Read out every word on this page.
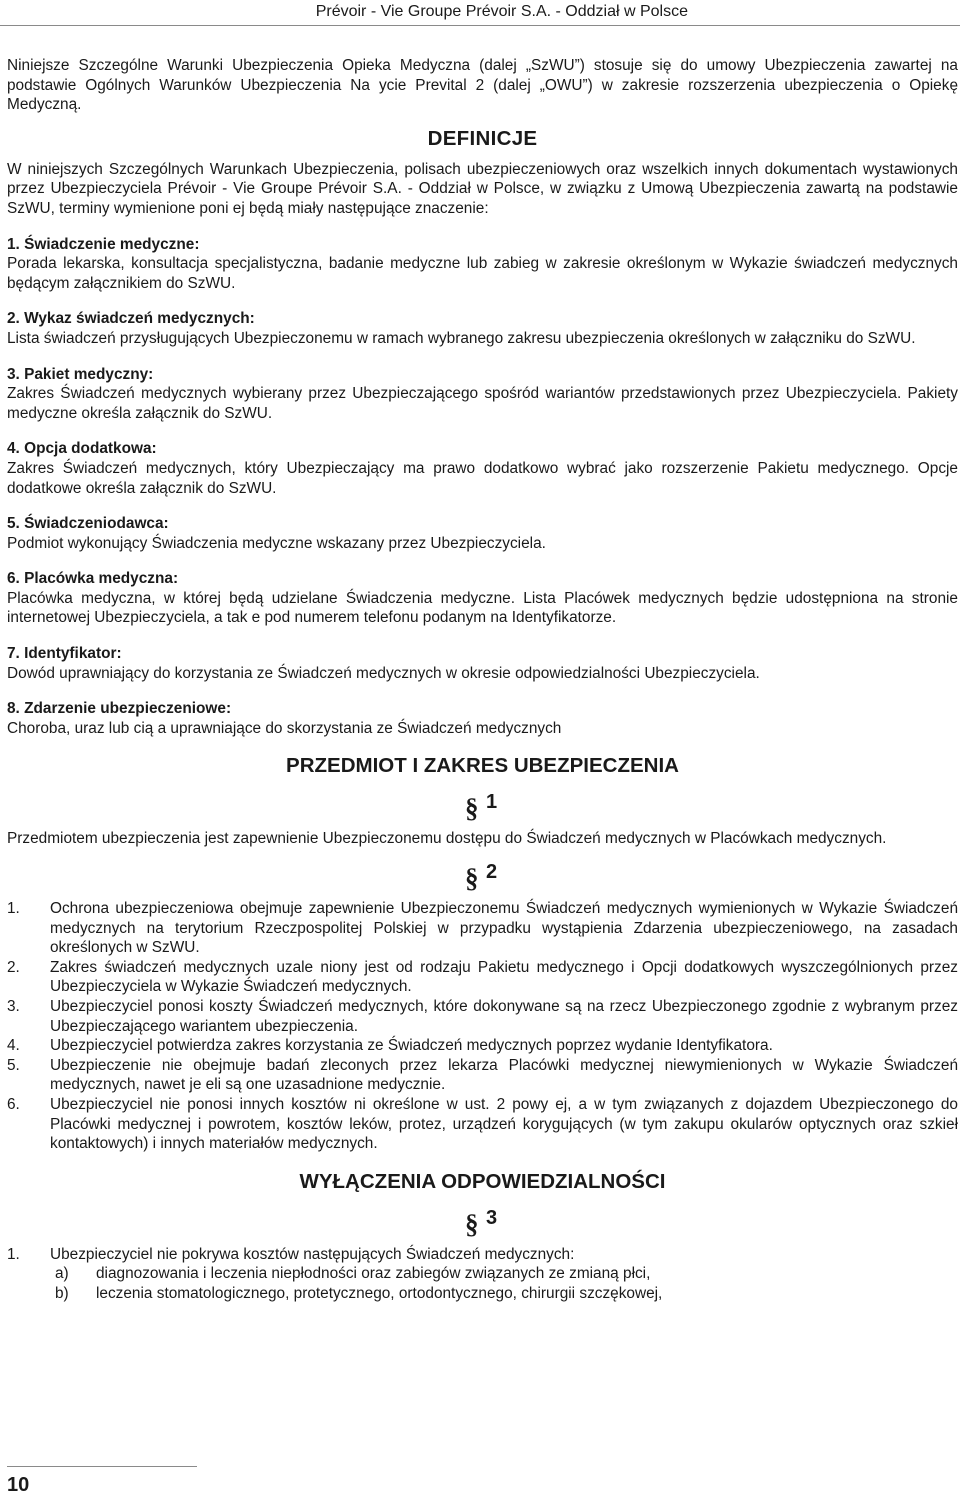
Prévoir - Vie Groupe Prévoir S.A. - Oddział w Polsce

Niniejsze Szczególne Warunki Ubezpieczenia Opieka Medyczna (dalej „SzWU”) stosuje się do umowy Ubezpieczenia zawartej na podstawie Ogólnych Warunków Ubezpieczenia Na ycie Prevital 2 (dalej „OWU”) w zakresie rozszerzenia ubezpieczenia o Opiekę Medyczną.

DEFINICJE

W niniejszych Szczególnych Warunkach Ubezpieczenia, polisach ubezpieczeniowych oraz wszelkich innych dokumentach wystawionych przez Ubezpieczyciela Prévoir - Vie Groupe Prévoir S.A. - Oddział w Polsce, w związku z Umową Ubezpieczenia zawartą na podstawie SzWU, terminy wymienione poni ej będą miały następujące znaczenie:

1. Świadczenie medyczne:

Porada lekarska, konsultacja specjalistyczna, badanie medyczne lub zabieg w zakresie określonym w Wykazie świadczeń medycznych będącym załącznikiem do SzWU.

2. Wykaz świadczeń medycznych:

Lista świadczeń przysługujących Ubezpieczonemu w ramach wybranego zakresu ubezpieczenia określonych w załączniku do SzWU.

3. Pakiet medyczny:

Zakres Świadczeń medycznych wybierany przez Ubezpieczającego spośród wariantów przedstawionych przez Ubezpieczyciela. Pakiety medyczne określa załącznik do SzWU.

4. Opcja dodatkowa:

Zakres Świadczeń medycznych, który Ubezpieczający ma prawo dodatkowo wybrać jako rozszerzenie Pakietu medycznego. Opcje dodatkowe określa załącznik do SzWU.

5. Świadczeniodawca:

Podmiot wykonujący Świadczenia medyczne wskazany przez Ubezpieczyciela.

6. Placówka medyczna:

Placówka medyczna, w której będą udzielane Świadczenia medyczne. Lista Placówek medycznych będzie udostępniona na stronie internetowej Ubezpieczyciela, a tak e pod numerem telefonu podanym na Identyfikatorze.

7. Identyfikator:

Dowód uprawniający do korzystania ze Świadczeń medycznych w okresie odpowiedzialności Ubezpieczyciela.

8. Zdarzenie ubezpieczeniowe:

Choroba, uraz lub cią a uprawniające do skorzystania ze Świadczeń medycznych

PRZEDMIOT I ZAKRES UBEZPIECZENIA
§ 1

Przedmiotem ubezpieczenia jest zapewnienie Ubezpieczonemu dostępu do Świadczeń medycznych w Placówkach medycznych.

§ 2
1. Ochrona ubezpieczeniowa obejmuje zapewnienie Ubezpieczonemu Świadczeń medycznych wymienionych w Wykazie Świadczeń medycznych na terytorium Rzeczpospolitej Polskiej w przypadku wystąpienia Zdarzenia ubezpieczeniowego, na zasadach określonych w SzWU.
2. Zakres świadczeń medycznych uzale niony jest od rodzaju Pakietu medycznego i Opcji dodatkowych wyszczególnionych przez Ubezpieczyciela w Wykazie Świadczeń medycznych.
3. Ubezpieczyciel ponosi koszty Świadczeń medycznych, które dokonywane są na rzecz Ubezpieczonego zgodnie z wybranym przez Ubezpieczającego wariantem ubezpieczenia.
4. Ubezpieczyciel potwierdza zakres korzystania ze Świadczeń medycznych poprzez wydanie Identyfikatora.
5. Ubezpieczenie nie obejmuje badań zleconych przez lekarza Placówki medycznej niewymienionych w Wykazie Świadczeń medycznych, nawet je eli są one uzasadnione medycznie.
6. Ubezpieczyciel nie ponosi innych kosztów ni określone w ust. 2 powy ej, a w tym związanych z dojazdem Ubezpieczonego do Placówki medycznej i powrotem, kosztów leków, protez, urządzeń korygujących (w tym zakupu okularów optycznych oraz szkieł kontaktowych) i innych materiałów medycznych.
WYŁĄCZENIA ODPOWIEDZIALNOŚCI
§ 3
1. Ubezpieczyciel nie pokrywa kosztów następujących Świadczeń medycznych:
a) diagnozowania i leczenia niepłodności oraz zabiegów związanych ze zmianą płci,
b) leczenia stomatologicznego, protetycznego, ortodontycznego, chirurgii szczękowej,
10
